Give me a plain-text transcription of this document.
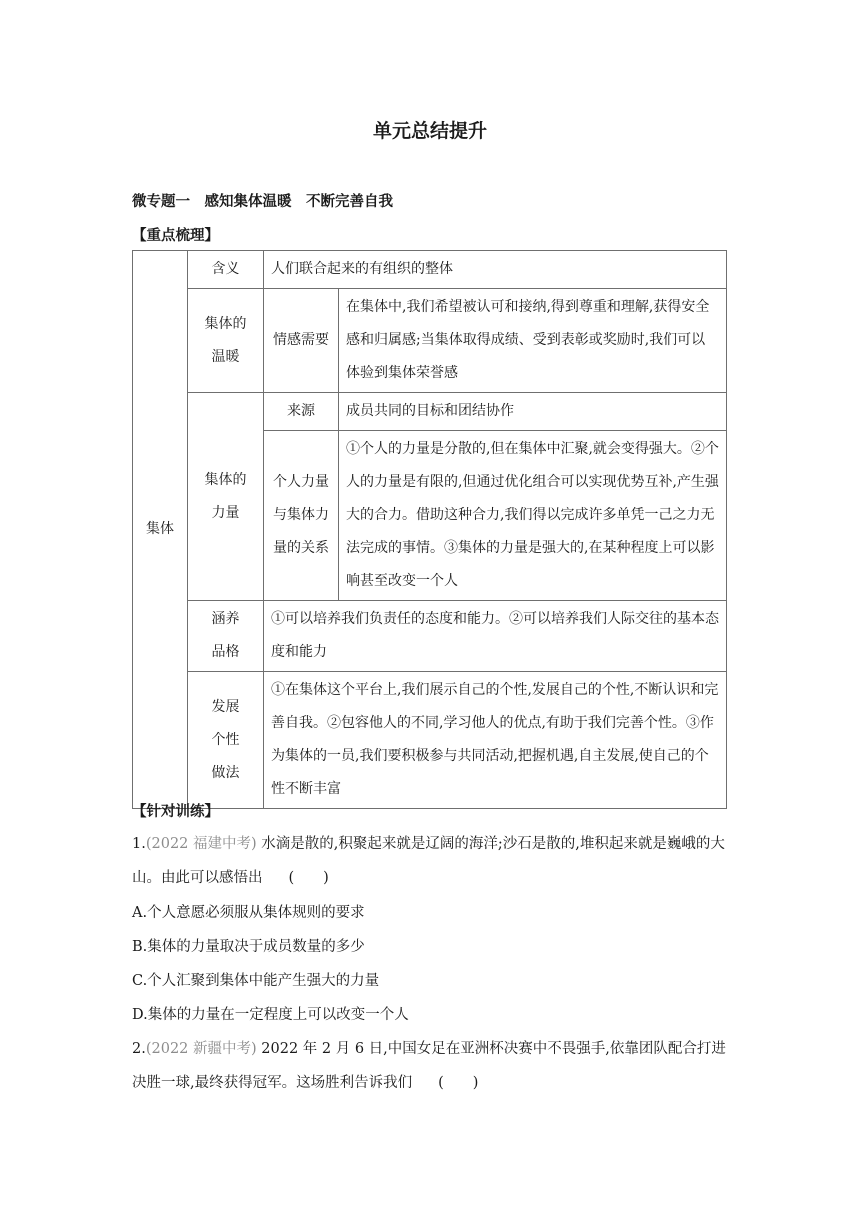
单元总结提升
微专题一　感知集体温暖　不断完善自我
【重点梳理】
集体	含义	人们联合起来的有组织的整体	

	集体的温暖	情感需要	在集体中,我们希望被认可和接纳,得到尊重和理解,获得安全感和归属感;当集体取得成绩、受到表彰或奖励时,我们可以体验到集体荣誉感

	集体的力量	来源	成员共同的目标和团结协作

		个人力量与集体力量的关系	①个人的力量是分散的,但在集体中汇聚,就会变得强大。②个人的力量是有限的,但通过优化组合可以实现优势互补,产生强大的合力。借助这种合力,我们得以完成许多单凭一己之力无法完成的事情。③集体的力量是强大的,在某种程度上可以影响甚至改变一个人

	涵养品格	①可以培养我们负责任的态度和能力。②可以培养我们人际交往的基本态度和能力	

	发展个性做法	①在集体这个平台上,我们展示自己的个性,发展自己的个性,不断认识和完善自我。②包容他人的不同,学习他人的优点,有助于我们完善个性。③作为集体的一员,我们要积极参与共同活动,把握机遇,自主发展,使自己的个性不断丰富	
【针对训练】
1.(2022 福建中考) 水滴是散的,积聚起来就是辽阔的海洋;沙石是散的,堆积起来就是巍峨的大山。由此可以感悟出 (　　)
A.个人意愿必须服从集体规则的要求
B.集体的力量取决于成员数量的多少
C.个人汇聚到集体中能产生强大的力量
D.集体的力量在一定程度上可以改变一个人
2.(2022 新疆中考) 2022 年 2 月 6 日,中国女足在亚洲杯决赛中不畏强手,依靠团队配合打进决胜一球,最终获得冠军。这场胜利告诉我们 (　　)
